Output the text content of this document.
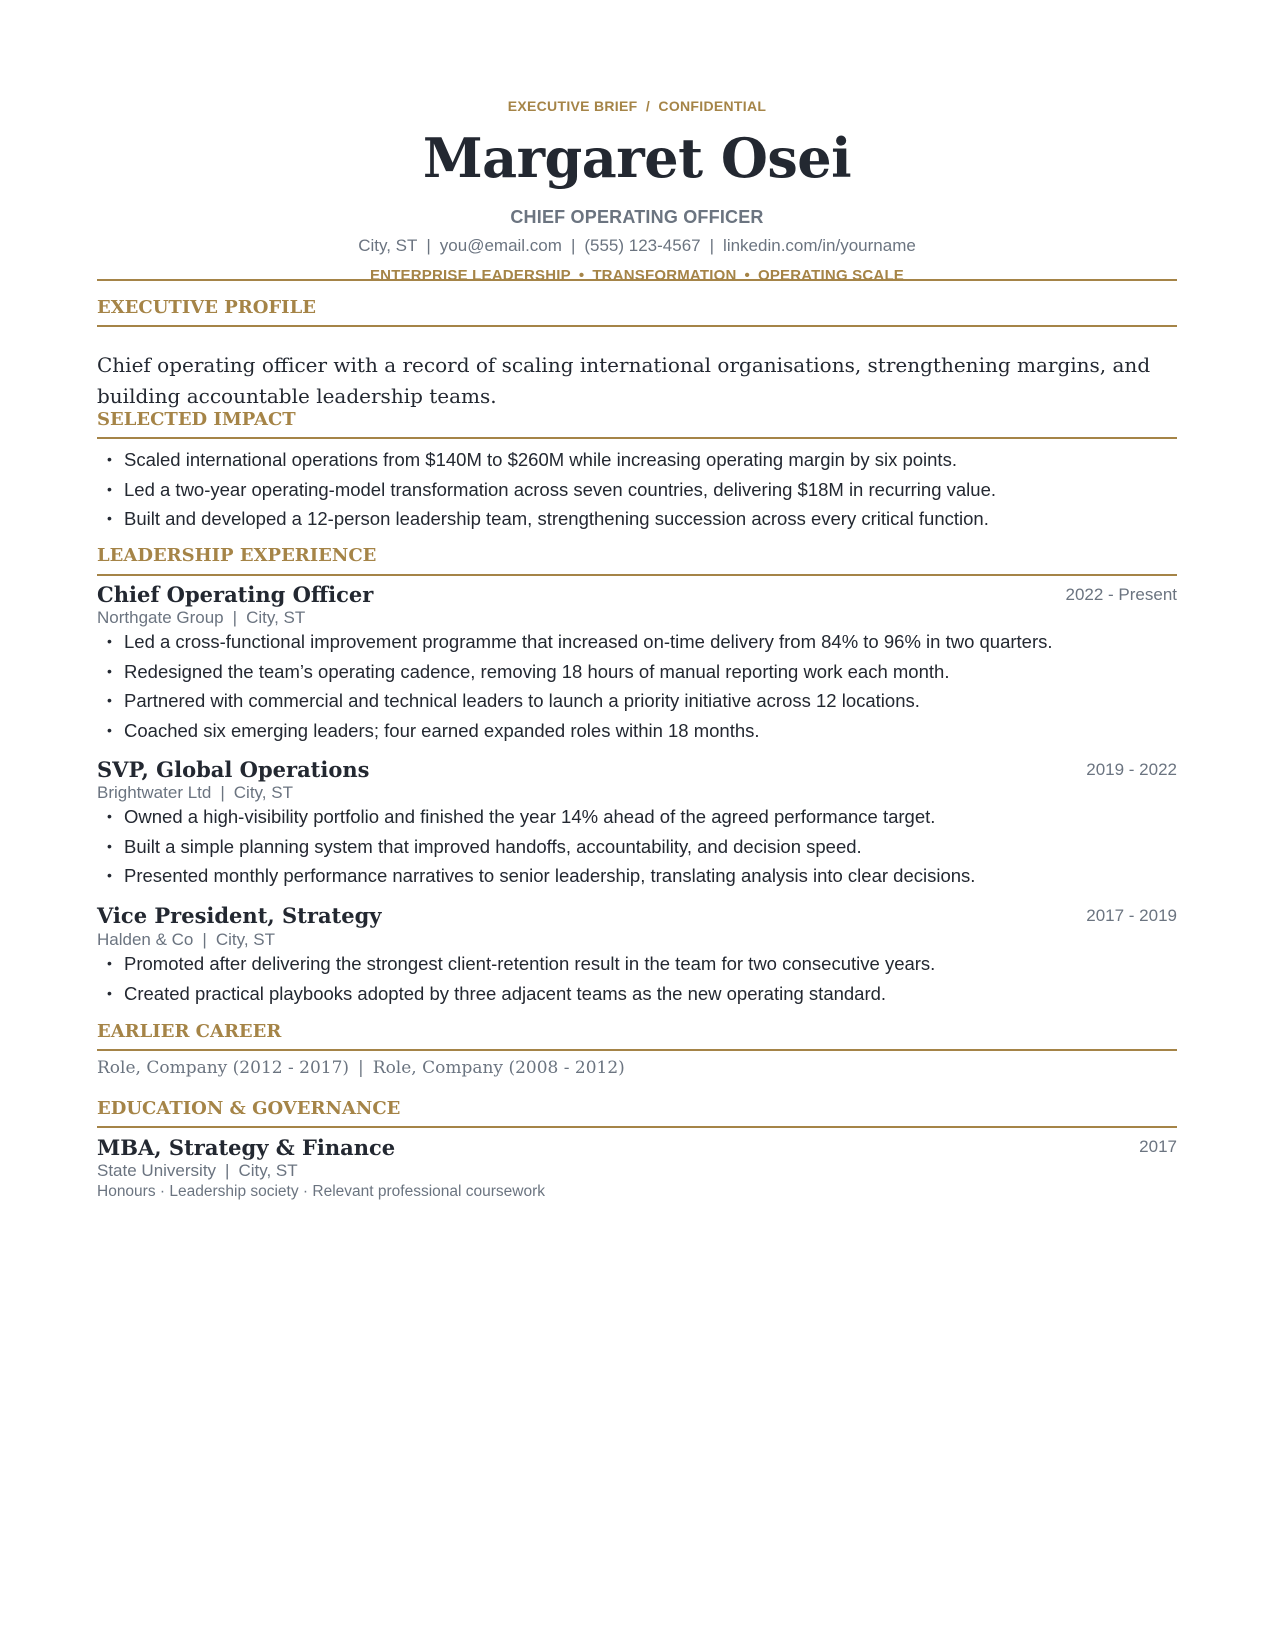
EXECUTIVE BRIEF  /  CONFIDENTIAL
Margaret Osei
CHIEF OPERATING OFFICER
City, ST | you@email.com | (555) 123-4567 | linkedin.com/in/yourname
ENTERPRISE LEADERSHIP • TRANSFORMATION • OPERATING SCALE
EXECUTIVE PROFILE
Chief operating officer with a record of scaling international organisations, strengthening margins, and building accountable leadership teams.
SELECTED IMPACT
• Scaled international operations from $140M to $260M while increasing operating margin by six points.
• Led a two-year operating-model transformation across seven countries, delivering $18M in recurring value.
• Built and developed a 12-person leadership team, strengthening succession across every critical function.
LEADERSHIP EXPERIENCE
Chief Operating Officer	2022 - Present
Northgate Group | City, ST
• Led a cross-functional improvement programme that increased on-time delivery from 84% to 96% in two quarters.
• Redesigned the team’s operating cadence, removing 18 hours of manual reporting work each month.
• Partnered with commercial and technical leaders to launch a priority initiative across 12 locations.
• Coached six emerging leaders; four earned expanded roles within 18 months.
SVP, Global Operations	2019 - 2022
Brightwater Ltd | City, ST
• Owned a high-visibility portfolio and finished the year 14% ahead of the agreed performance target.
• Built a simple planning system that improved handoffs, accountability, and decision speed.
• Presented monthly performance narratives to senior leadership, translating analysis into clear decisions.
Vice President, Strategy	2017 - 2019
Halden & Co | City, ST
• Promoted after delivering the strongest client-retention result in the team for two consecutive years.
• Created practical playbooks adopted by three adjacent teams as the new operating standard.
EARLIER CAREER
Role, Company (2012 - 2017) | Role, Company (2008 - 2012)
EDUCATION & GOVERNANCE
MBA, Strategy & Finance	2017
State University | City, ST
Honours · Leadership society · Relevant professional coursework
